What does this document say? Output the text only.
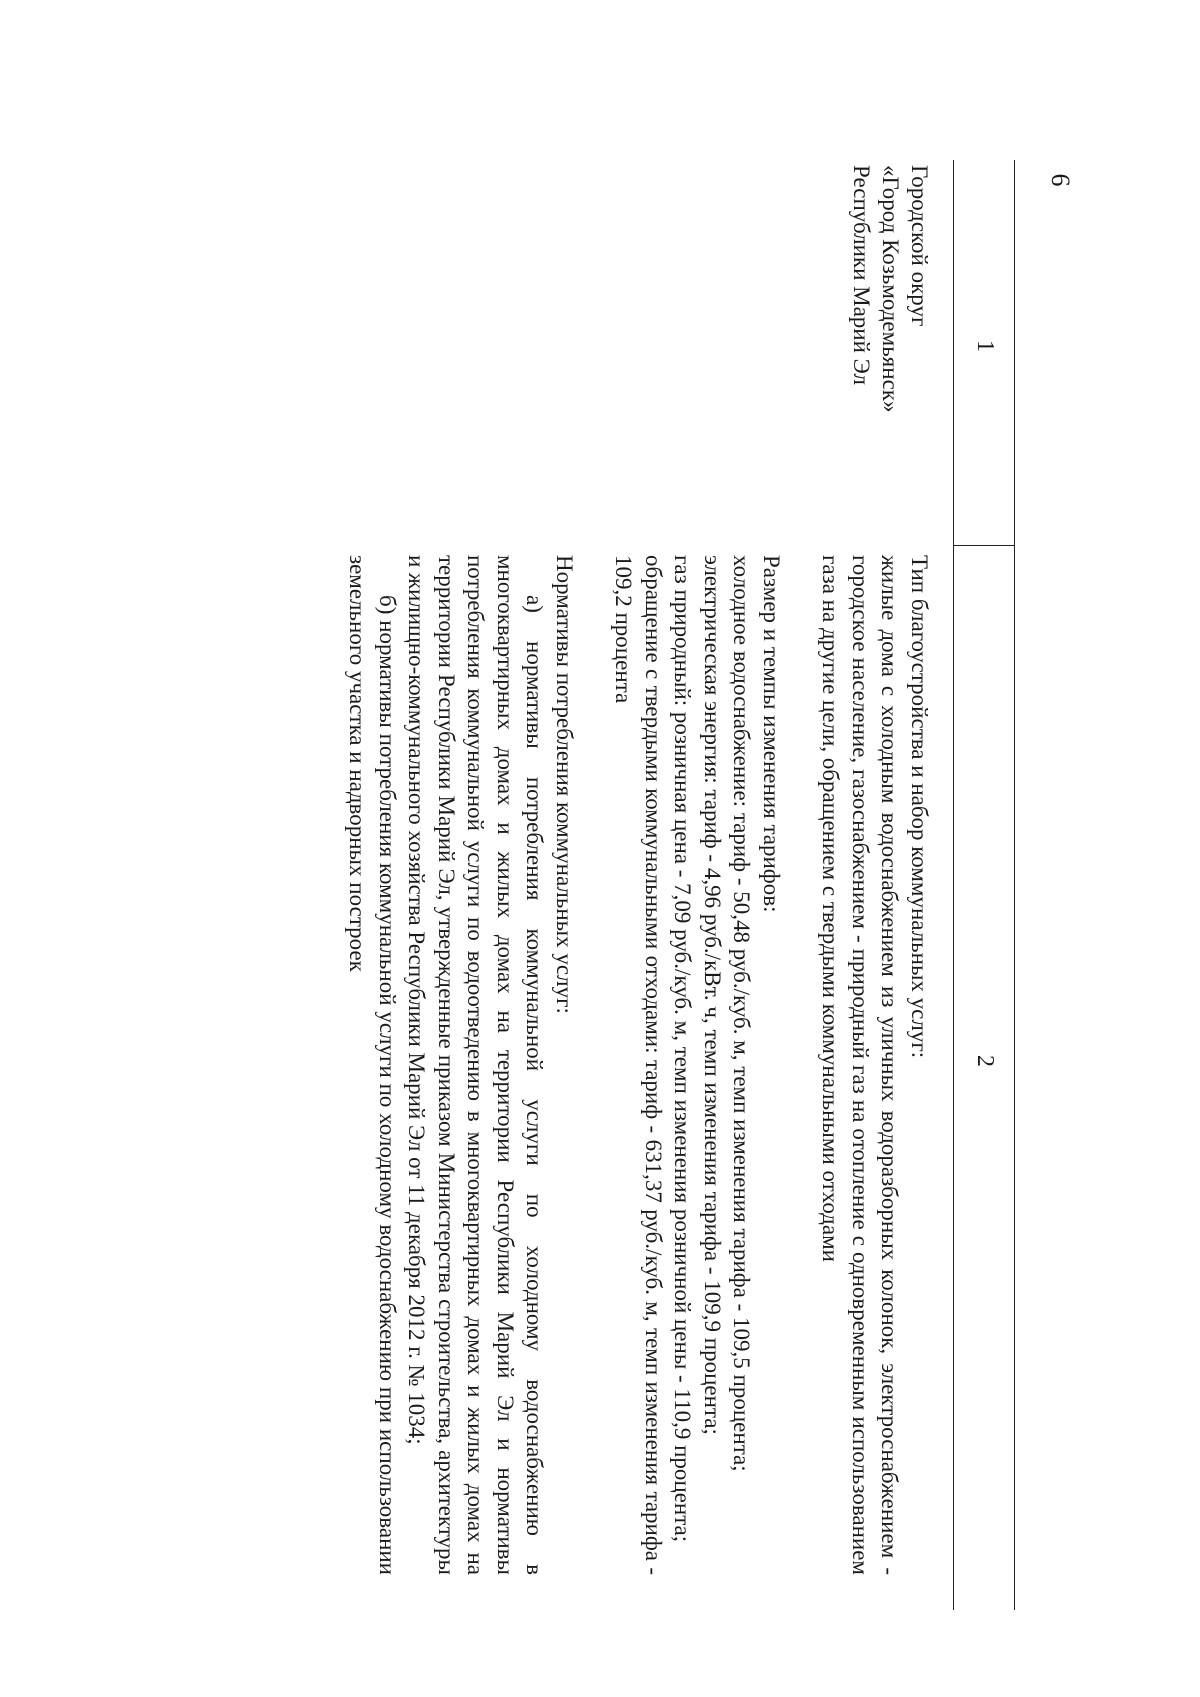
6
1
2
Городской округ
«Город Козьмодемьянск»
Республики Марий Эл

Тип благоустройства и набор коммунальных услуг:

жилые дома с холодным водоснабжением из уличных водоразборных колонок, электроснабжением - городское население, газоснабжением - природный газ на отопление с одновременным использованием газа на другие цели, обращением с твердыми коммунальными отходами

Размер и темпы изменения тарифов:

холодное водоснабжение: тариф - 50,48 руб./куб. м, темп изменения тарифа - 109,5 процента;

электрическая энергия: тариф - 4,96 руб./кВт. ч, темп изменения тарифа - 109,9 процента;

газ природный: розничная цена - 7,09 руб./куб. м, темп изменения розничной цены - 110,9 процента;

обращение с твердыми коммунальными отходами: тариф - 631,37 руб./куб. м, темп изменения тарифа - 109,2 процента

Нормативы потребления коммунальных услуг:

а) нормативы потребления коммунальной услуги по холодному водоснабжению в многоквартирных домах и жилых домах на территории Республики Марий Эл и нормативы потребления коммунальной услуги по водоотведению в многоквартирных домах и жилых домах на территории Республики Марий Эл, утвержденные приказом Министерства строительства, архитектуры и жилищно-коммунального хозяйства Республики Марий Эл от 11 декабря 2012 г. № 1034;

б) нормативы потребления коммунальной услуги по холодному водоснабжению при использовании земельного участка и надворных построек
